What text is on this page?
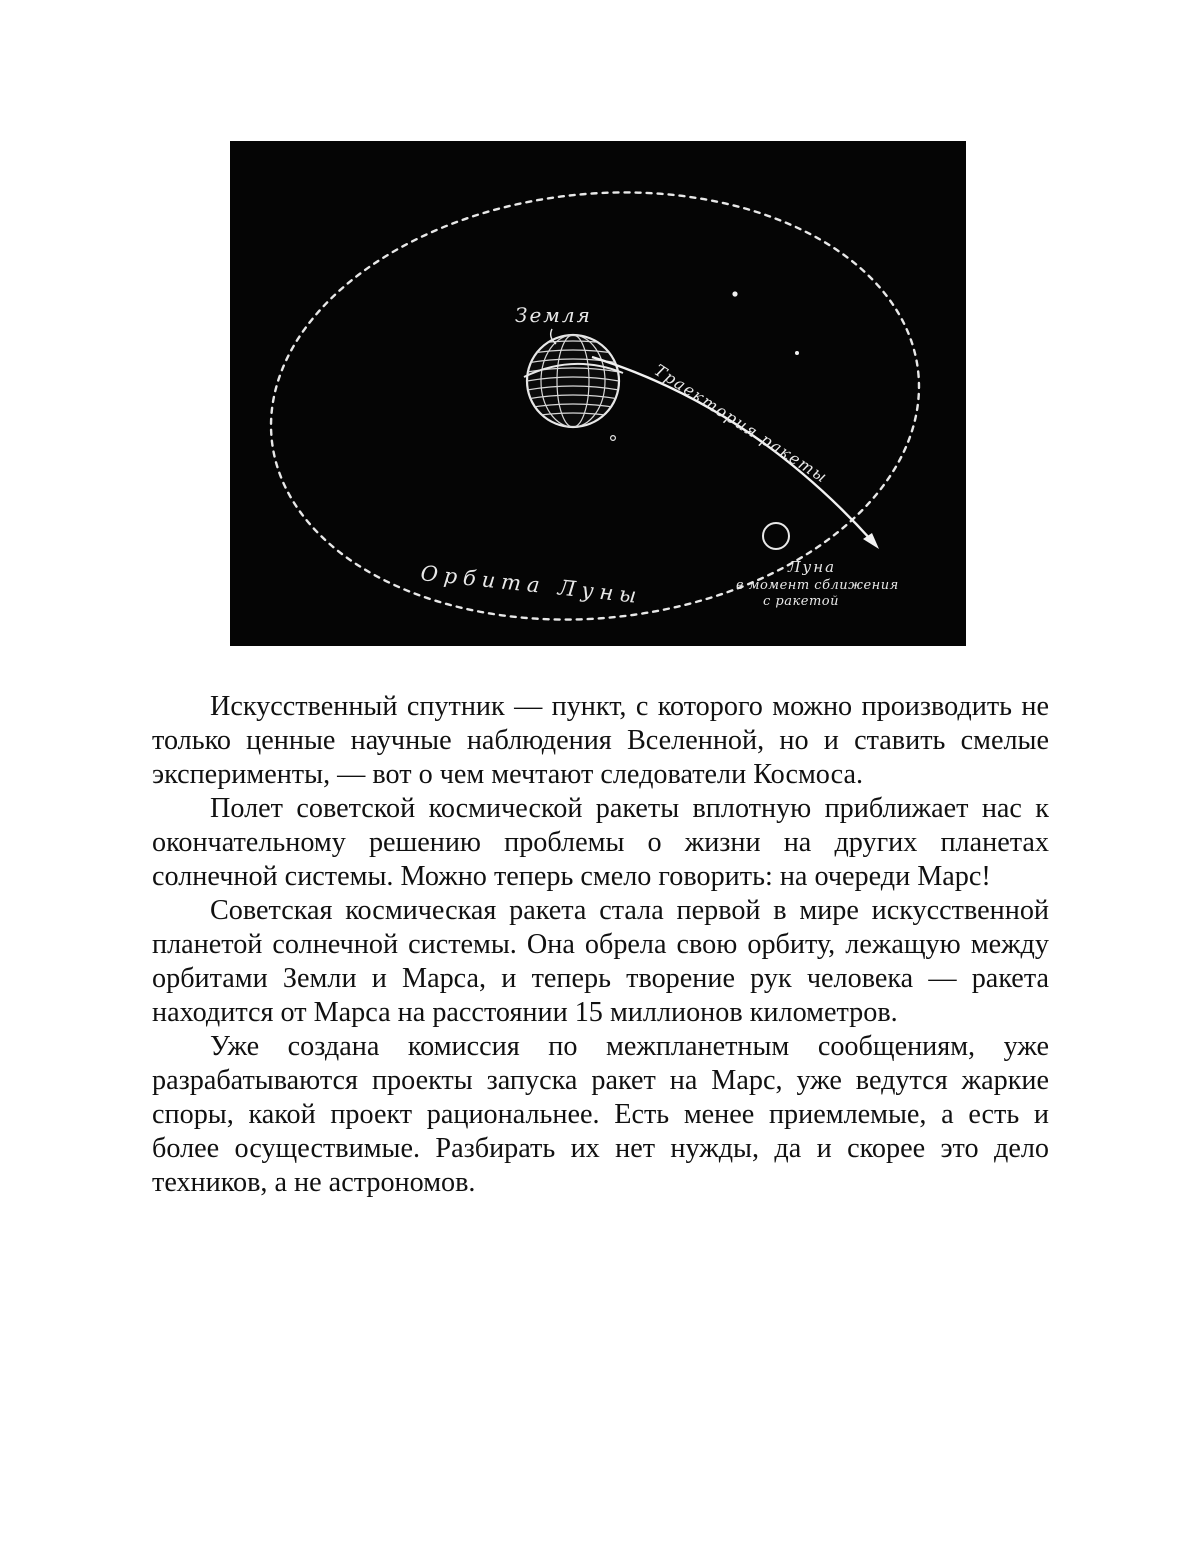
Земля
Траектория ракеты
Луна
в момент сближения
с ракетой
Орбита Луны

Искусственный спутник — пункт, с которого можно производить не только ценные научные наблюдения Вселенной, но и ставить смелые эксперименты, — вот о чем мечтают следователи Космоса.

Полет советской космической ракеты вплотную приближает нас к окончательному решению проблемы о жизни на других планетах солнечной системы. Можно теперь смело говорить: на очереди Марс!

Советская космическая ракета стала первой в мире искусственной планетой солнечной системы. Она обрела свою орбиту, лежащую между орбитами Земли и Марса, и теперь творение рук человека — ракета находится от Марса на расстоянии 15 миллионов километров.

Уже создана комиссия по межпланетным сообщениям, уже разрабатываются проекты запуска ракет на Марс, уже ведутся жаркие споры, какой проект рациональнее. Есть менее приемлемые, а есть и более осуществимые. Разбирать их нет нужды, да и скорее это дело техников, а не астрономов.
